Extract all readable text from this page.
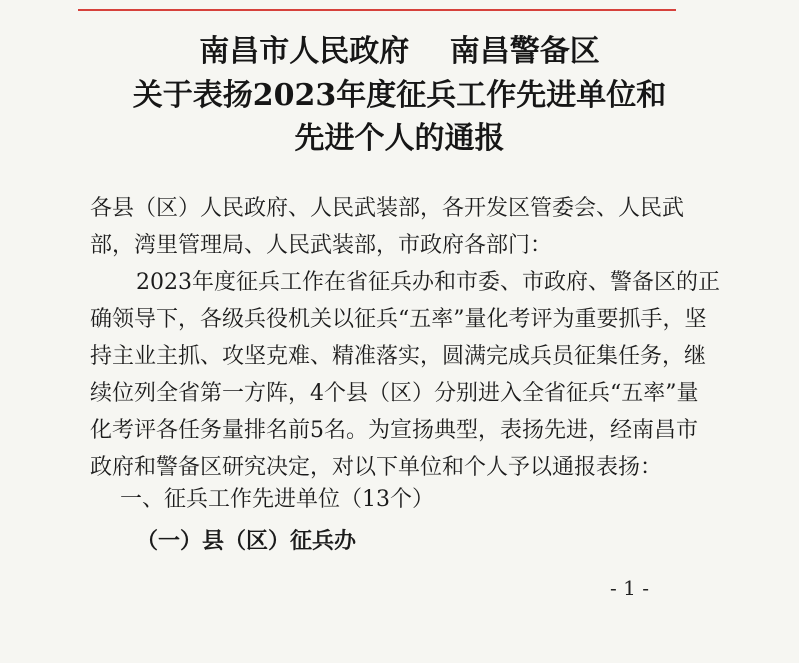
南昌市人民政府　 南昌警备区
关于表扬2023年度征兵工作先进单位和
先进个人的通报
各县（区）人民政府、人民武装部，各开发区管委会、人民武
部，湾里管理局、人民武装部，市政府各部门：
2023年度征兵工作在省征兵办和市委、市政府、警备区的正
确领导下，各级兵役机关以征兵“五率”量化考评为重要抓手，坚
持主业主抓、攻坚克难、精准落实，圆满完成兵员征集任务，继
续位列全省第一方阵，4个县（区）分别进入全省征兵“五率”量
化考评各任务量排名前5名。为宣扬典型，表扬先进，经南昌市
政府和警备区研究决定，对以下单位和个人予以通报表扬：
一、征兵工作先进单位（13个）
（一）县（区）征兵办
- 1 -
